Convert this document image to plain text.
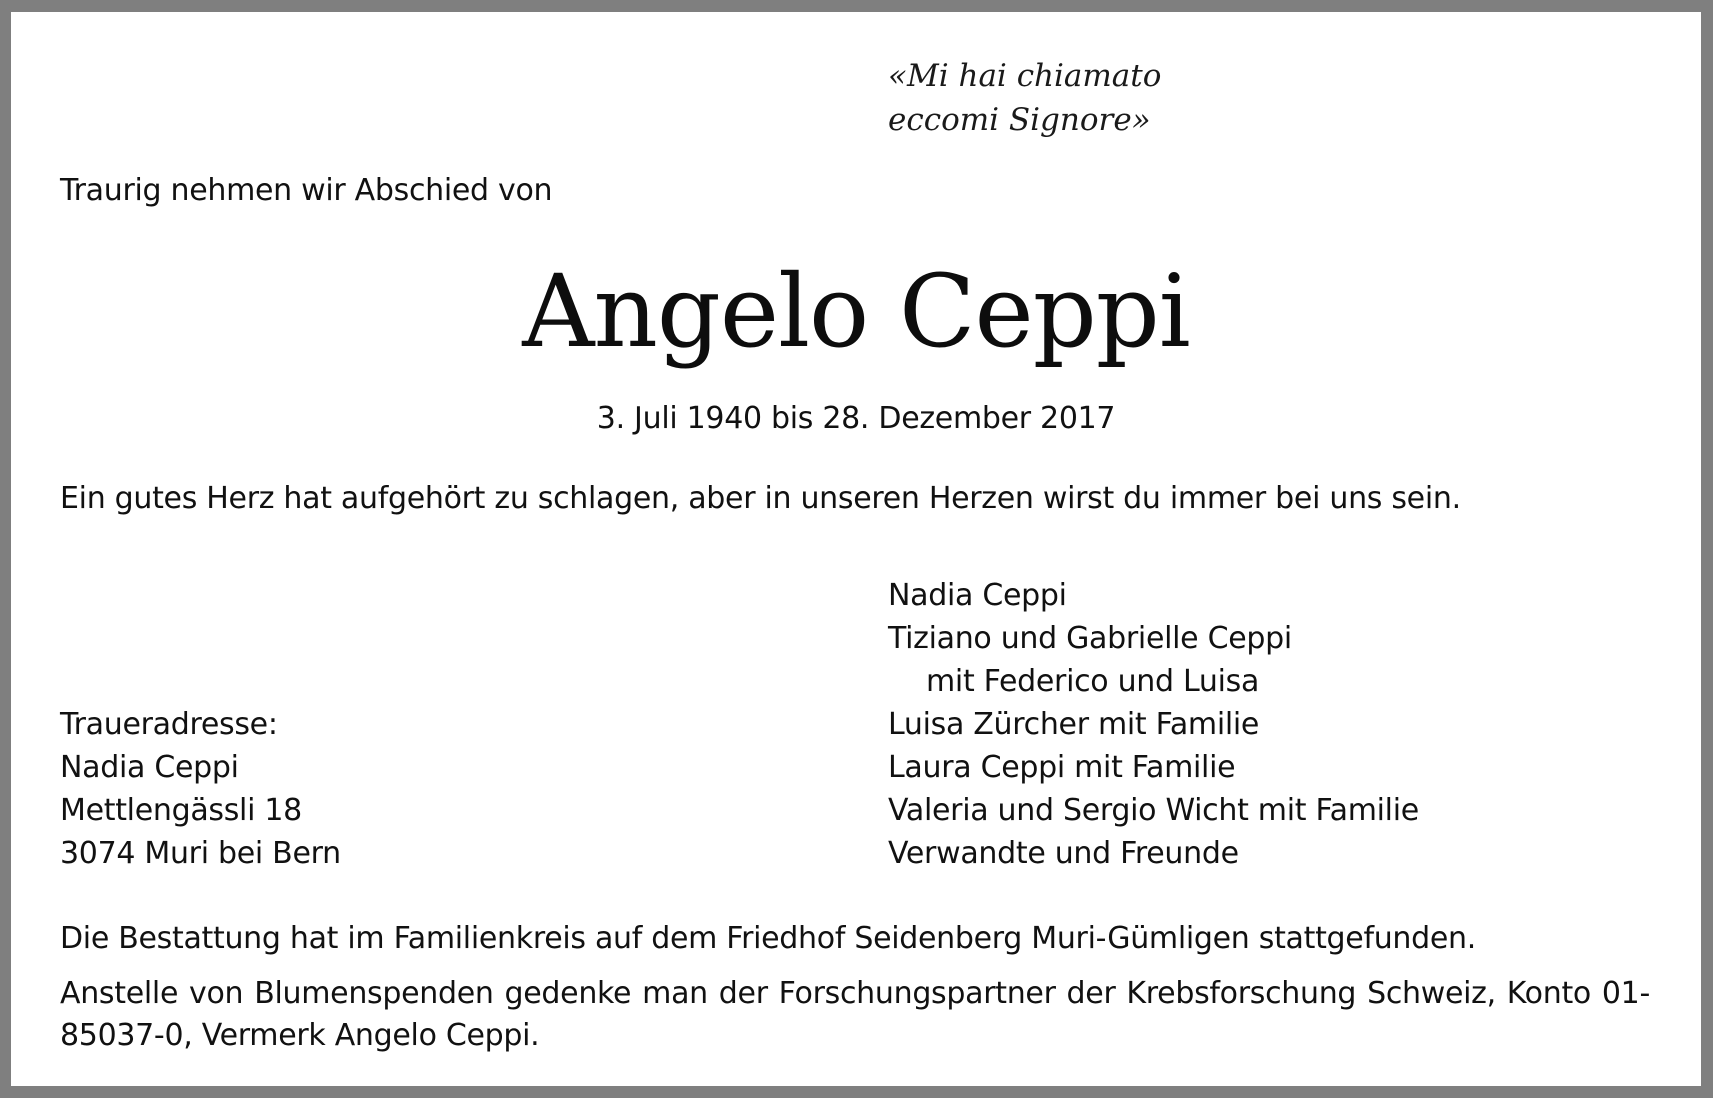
«Mi hai chiamato
eccomi Signore»
Traurig nehmen wir Abschied von
Angelo Ceppi
3. Juli 1940 bis 28. Dezember 2017
Ein gutes Herz hat aufgehört zu schlagen, aber in unseren Herzen wirst du immer bei uns sein.
Nadia Ceppi
Tiziano und Gabrielle Ceppi
mit Federico und Luisa
Luisa Zürcher mit Familie
Laura Ceppi mit Familie
Valeria und Sergio Wicht mit Familie
Verwandte und Freunde
Traueradresse:
Nadia Ceppi
Mettlengässli 18
3074 Muri bei Bern
Die Bestattung hat im Familienkreis auf dem Friedhof Seidenberg Muri-Gümligen stattgefunden.
Anstelle von Blumenspenden gedenke man der Forschungspartner der Krebsforschung Schweiz, Konto 01-85037-0, Vermerk Angelo Ceppi.
